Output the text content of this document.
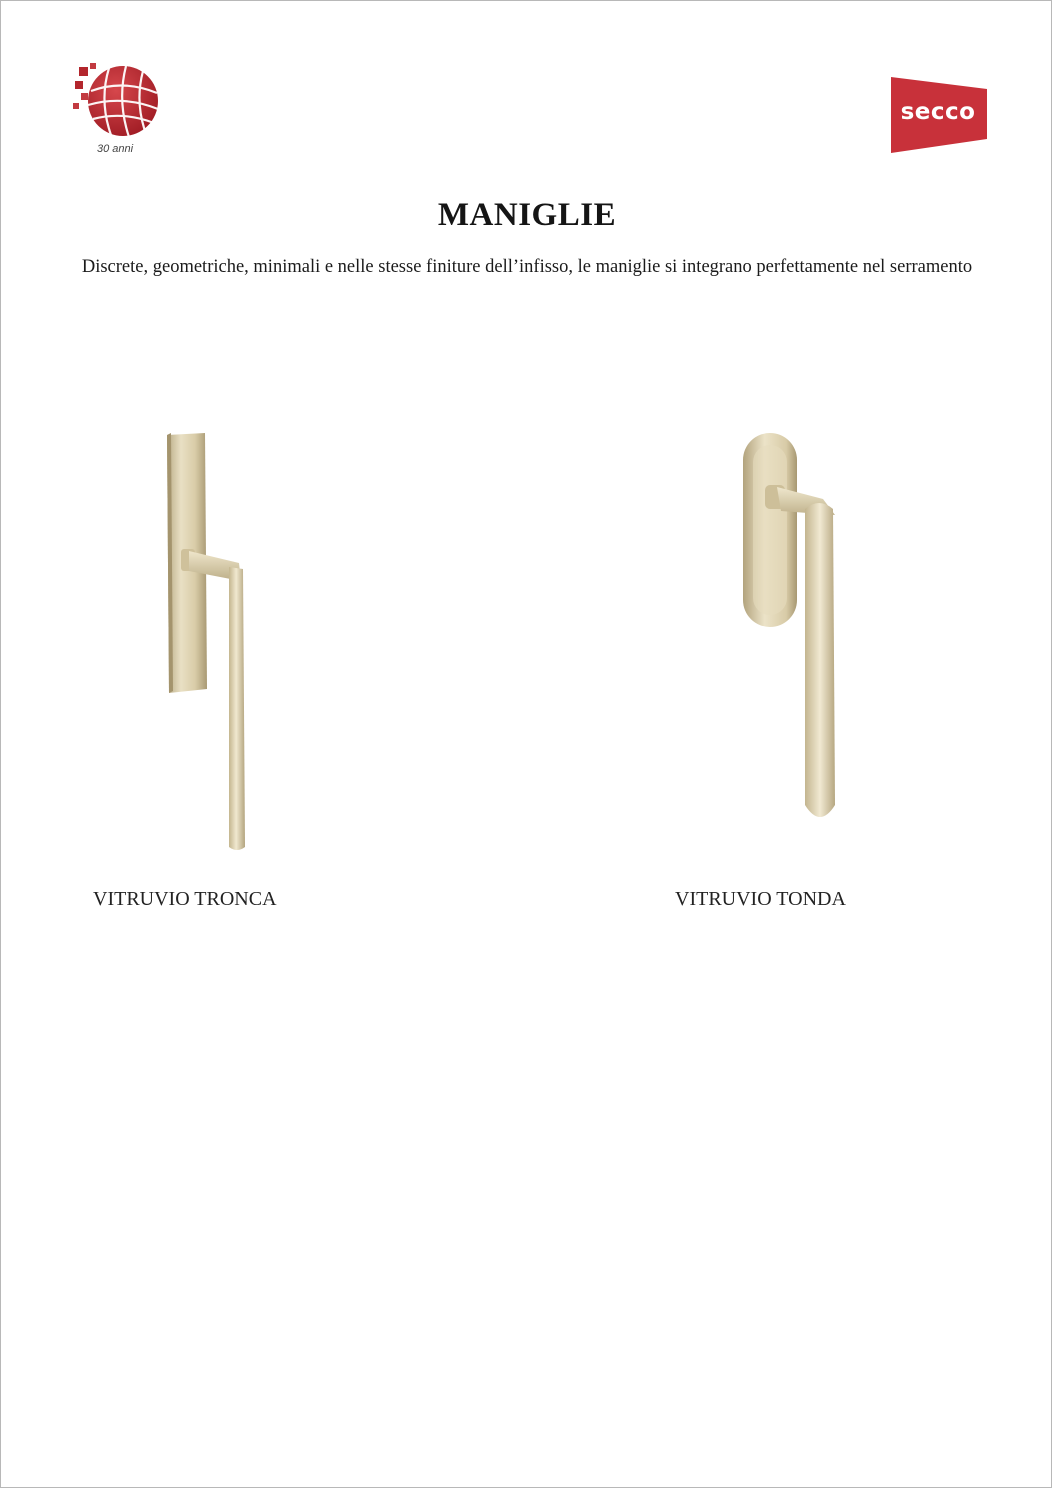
30 anni
secco
MANIGLIE
Discrete, geometriche, minimali e nelle stesse finiture dell’infisso, le maniglie si integrano perfettamente nel serramento
VITRUVIO TRONCA	VITRUVIO TONDA
